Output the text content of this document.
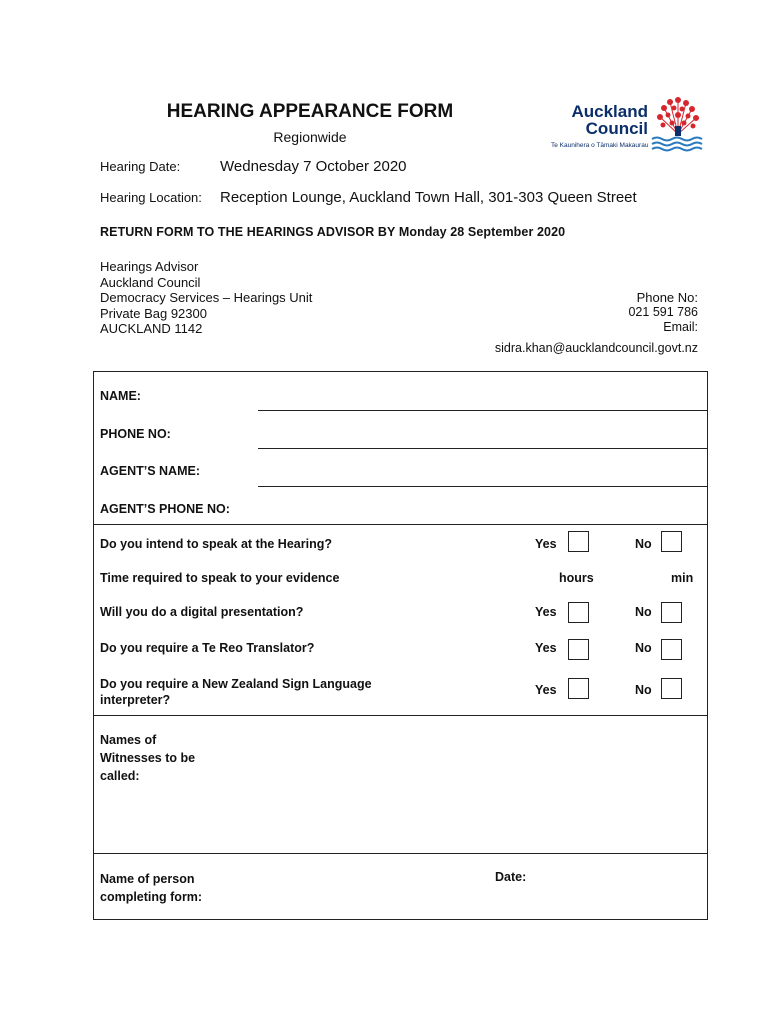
HEARING APPEARANCE FORM
Regionwide
Auckland
Council
Te Kaunihera o Tāmaki Makaurau
Hearing Date:	Wednesday 7 October 2020
Hearing Location: Reception Lounge, Auckland Town Hall, 301-303 Queen Street
RETURN FORM TO THE HEARINGS ADVISOR BY Monday 28 September 2020
Hearings Advisor
Auckland Council
Democracy Services – Hearings Unit
Private Bag 92300
AUCKLAND 1142
Phone No:
021 591 786
Email:
sidra.khan@aucklandcouncil.govt.nz
NAME:
PHONE NO:
AGENT’S NAME:
AGENT’S PHONE NO:
Do you intend to speak at the Hearing?	Yes	No
Time required to speak to your evidence	hours	min
Will you do a digital presentation?	Yes	No
Do you require a Te Reo Translator?	Yes	No
Do you require a New Zealand Sign Language
interpreter?
Yes	No
Names of
Witnesses to be
called:
Name of person
completing form:
Date:
